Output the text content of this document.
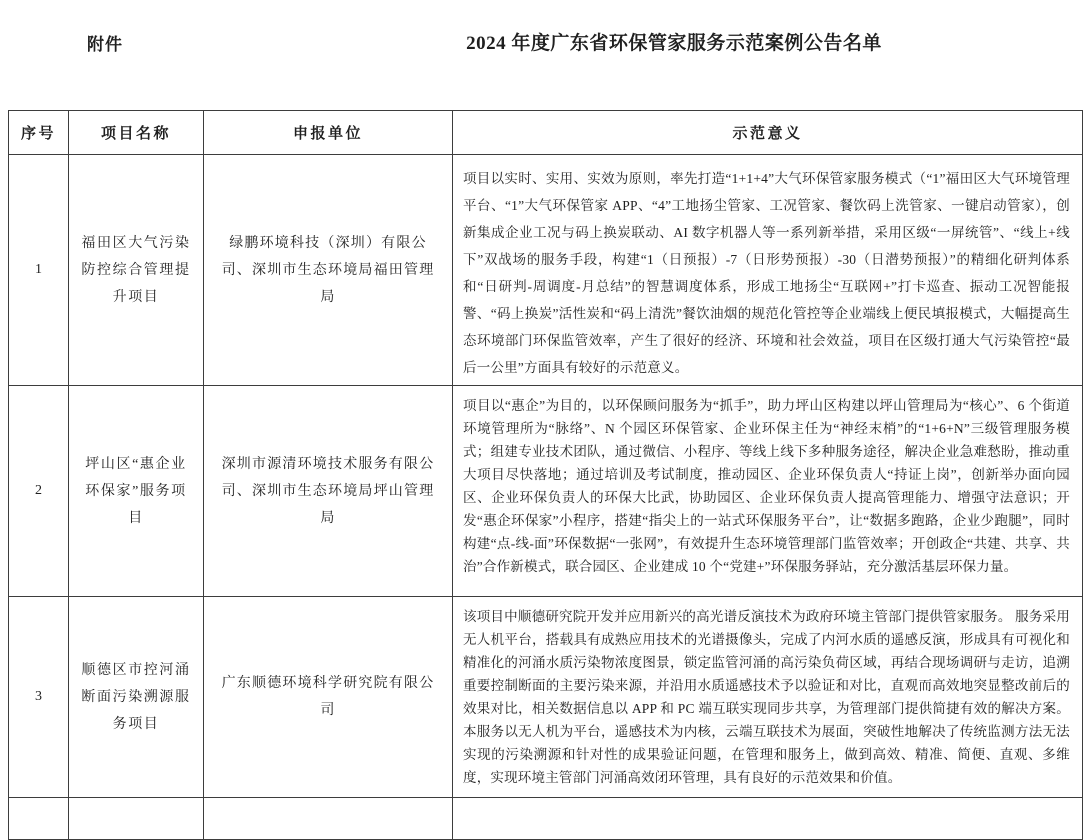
附件	2024 年度广东省环保管家服务示范案例公告名单
序号	项目名称	申报单位	示范意义
1	福田区大气污染防控综合管理提升项目	绿鹏环境科技（深圳）有限公司、深圳市生态环境局福田管理局	项目以实时、实用、实效为原则，率先打造“1+1+4”大气环保管家服务模式（“1”福田区大气环境管理平台、“1”大气环保管家 APP、“4”工地扬尘管家、工况管家、餐饮码上洗管家、一键启动管家），创新集成企业工况与码上换炭联动、AI 数字机器人等一系列新举措，采用区级“一屏统管”、“线上+线下”双战场的服务手段，构建“1（日预报）-7（日形势预报）-30（日潜势预报）”的精细化研判体系和“日研判-周调度-月总结”的智慧调度体系，形成工地扬尘“互联网+”打卡巡查、振动工况智能报警、“码上换炭”活性炭和“码上清洗”餐饮油烟的规范化管控等企业端线上便民填报模式，大幅提高生态环境部门环保监管效率，产生了很好的经济、环境和社会效益，项目在区级打通大气污染管控“最后一公里”方面具有较好的示范意义。
2	坪山区“惠企业环保家”服务项目	深圳市源清环境技术服务有限公司、深圳市生态环境局坪山管理局	项目以“惠企”为目的，以环保顾问服务为“抓手”，助力坪山区构建以坪山管理局为“核心”、6 个街道环境管理所为“脉络”、N 个园区环保管家、企业环保主任为“神经末梢”的“1+6+N”三级管理服务模式；组建专业技术团队，通过微信、小程序、等线上线下多种服务途径，解决企业急难愁盼，推动重大项目尽快落地；通过培训及考试制度，推动园区、企业环保负责人“持证上岗”，创新举办面向园区、企业环保负责人的环保大比武，协助园区、企业环保负责人提高管理能力、增强守法意识；开发“惠企环保家”小程序，搭建“指尖上的一站式环保服务平台”，让“数据多跑路，企业少跑腿”，同时构建“点-线-面”环保数据“一张网”，有效提升生态环境管理部门监管效率；开创政企“共建、共享、共治”合作新模式，联合园区、企业建成 10 个“党建+”环保服务驿站，充分激活基层环保力量。
3	顺德区市控河涌断面污染溯源服务项目	广东顺德环境科学研究院有限公司	该项目中顺德研究院开发并应用新兴的高光谱反演技术为政府环境主管部门提供管家服务。 服务采用无人机平台，搭载具有成熟应用技术的光谱摄像头，完成了内河水质的遥感反演，形成具有可视化和精准化的河涌水质污染物浓度图景，锁定监管河涌的高污染负荷区域，再结合现场调研与走访，追溯重要控制断面的主要污染来源，并沿用水质遥感技术予以验证和对比，直观而高效地突显整改前后的效果对比，相关数据信息以 APP 和 PC 端互联实现同步共享，为管理部门提供简捷有效的解决方案。本服务以无人机为平台，遥感技术为内核，云端互联技术为展面，突破性地解决了传统监测方法无法实现的污染溯源和针对性的成果验证问题，在管理和服务上，做到高效、精准、简便、直观、多维度，实现环境主管部门河涌高效闭环管理，具有良好的示范效果和价值。
